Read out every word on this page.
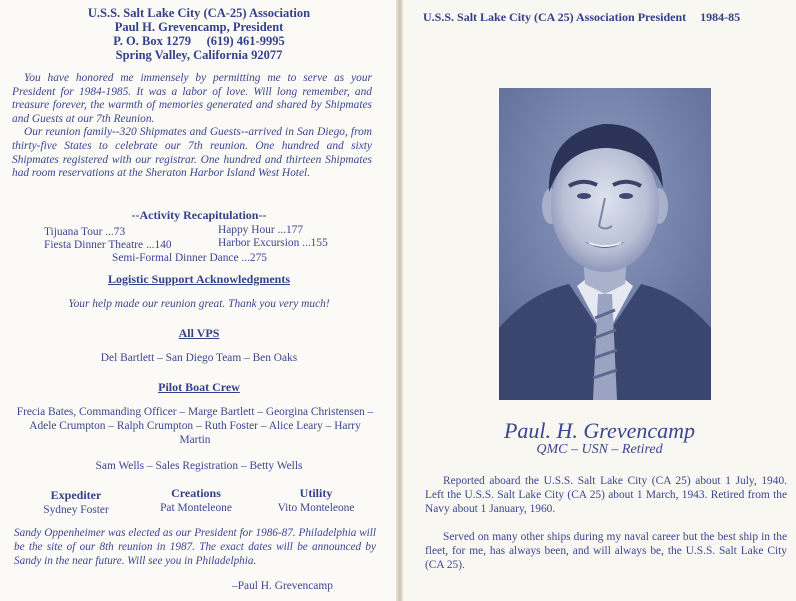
U.S.S. Salt Lake City (CA-25) Association
Paul H. Grevencamp, President
P. O. Box 1279     (619) 461-9995
Spring Valley, California 92077

You have honored me immensely by permitting me to serve as your President for 1984-1985. It was a labor of love. Will long remember, and treasure forever, the warmth of memories generated and shared by Shipmates and Guests at our 7th Reunion.

Our reunion family--320 Shipmates and Guests--arrived in San Diego, from thirty-five States to celebrate our 7th reunion. One hundred and sixty Shipmates registered with our registrar. One hundred and thirteen Shipmates had room reservations at the Sheraton Harbor Island West Hotel.

--Activity Recapitulation--
Tijuana Tour ...73	Happy Hour ...177
Fiesta Dinner Theatre ...140	Harbor Excursion ...155
Semi-Formal Dinner Dance ...275
Logistic Support Acknowledgments
Your help made our reunion great. Thank you very much!
All VPS
Del Bartlett – San Diego Team – Ben Oaks
Pilot Boat Crew
Frecia Bates, Commanding Officer – Marge Bartlett – Georgina Christensen – Adele Crumpton – Ralph Crumpton – Ruth Foster – Alice Leary – Harry Martin
Sam Wells – Sales Registration – Betty Wells
Expediter
Sydney Foster
Creations
Pat Monteleone
Utility
Vito Monteleone
Sandy Oppenheimer was elected as our President for 1986-87. Philadelphia will be the site of our 8th reunion in 1987. The exact dates will be announced by Sandy in the near future. Will see you in Philadelphia.
–Paul H. Grevencamp
U.S.S. Salt Lake City (CA 25) Association President 1984-85
Paul. H. Grevencamp
QMC – USN – Retired

Reported aboard the U.S.S. Salt Lake City (CA 25) about 1 July, 1940. Left the U.S.S. Salt Lake City (CA 25) about 1 March, 1943. Retired from the Navy about 1 January, 1960.

Served on many other ships during my naval career but the best ship in the fleet, for me, has always been, and will always be, the U.S.S. Salt Lake City (CA 25).
